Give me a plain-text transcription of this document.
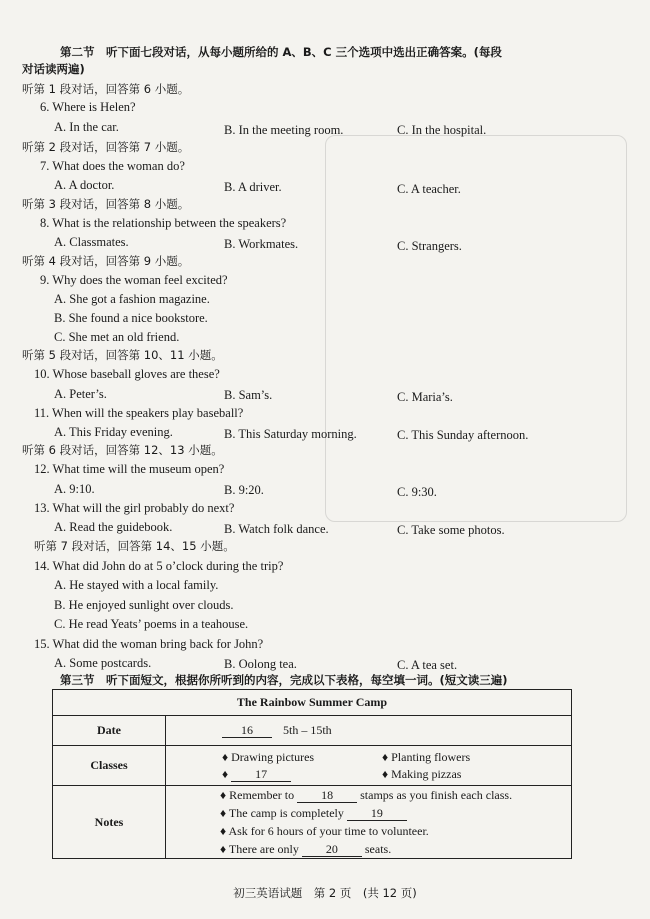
第二节　听下面七段对话，从每小题所给的 A、B、C 三个选项中选出正确答案。(每段
对话读两遍)
听第 1 段对话，回答第 6 小题。
6. Where is Helen?
A. In the car.	B. In the meeting room.	C. In the hospital.
听第 2 段对话，回答第 7 小题。
7. What does the woman do?
A. A doctor.	B. A driver.	C. A teacher.
听第 3 段对话，回答第 8 小题。
8. What is the relationship between the speakers?
A. Classmates.	B. Workmates.	C. Strangers.
听第 4 段对话，回答第 9 小题。
9. Why does the woman feel excited?
A. She got a fashion magazine.
B. She found a nice bookstore.
C. She met an old friend.
听第 5 段对话，回答第 10、11 小题。
10. Whose baseball gloves are these?
A. Peter’s.	B. Sam’s.	C. Maria’s.
11. When will the speakers play baseball?
A. This Friday evening.	B. This Saturday morning.	C. This Sunday afternoon.
听第 6 段对话，回答第 12、13 小题。
12. What time will the museum open?
A. 9:10.	B. 9:20.	C. 9:30.
13. What will the girl probably do next?
A. Read the guidebook.	B. Watch folk dance.	C. Take some photos.
听第 7 段对话，回答第 14、15 小题。
14. What did John do at 5 o’clock during the trip?
A. He stayed with a local family.
B. He enjoyed sunlight over clouds.
C. He read Yeats’ poems in a teahouse.
15. What did the woman bring back for John?
A. Some postcards.	B. Oolong tea.	C. A tea set.
第三节　听下面短文，根据你所听到的内容，完成以下表格，每空填一词。(短文读三遍)
The Rainbow Summer Camp	
Date	16 5th – 15th
Classes	♦ Drawing pictures ♦ Planting flowers
♦ 17 ♦ Making pizzas

Notes	♦ Remember to 18 stamps as you finish each class.
♦ The camp is completely 19
♦ Ask for 6 hours of your time to volunteer.
♦ There are only 20 seats.
初三英语试题　第 2 页　(共 12 页)
